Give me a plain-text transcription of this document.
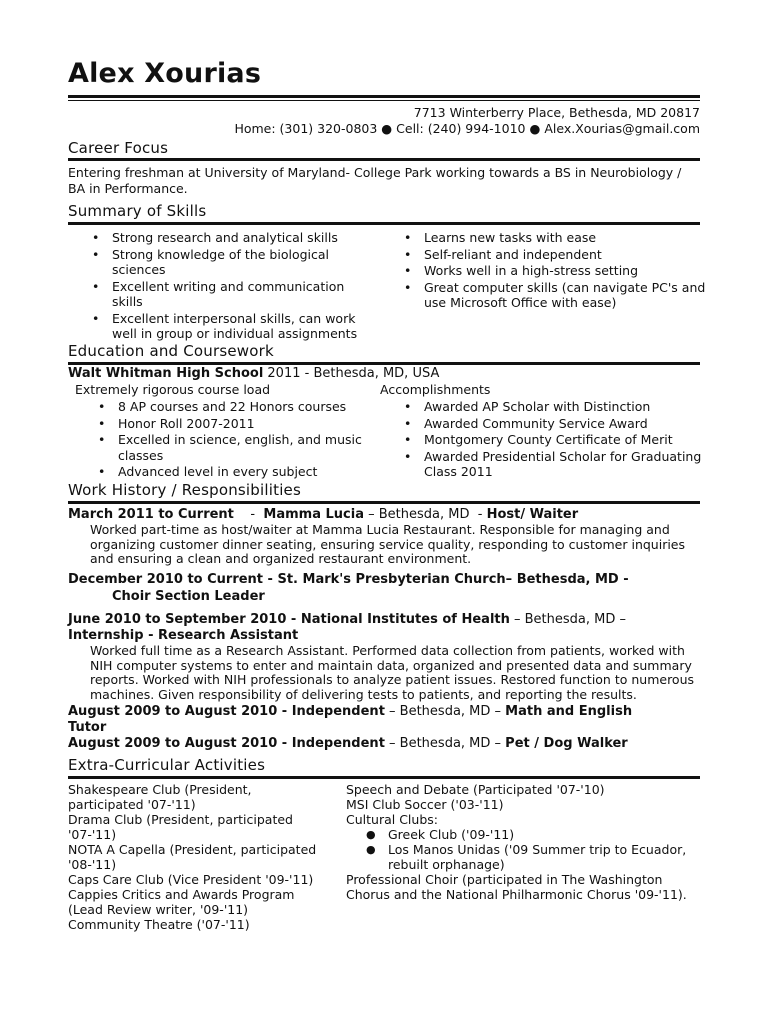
Alex Xourias
7713 Winterberry Place, Bethesda, MD 20817
Home: (301) 320-0803 ● Cell: (240) 994-1010 ● Alex.Xourias@gmail.com
Career Focus
Entering freshman at University of Maryland- College Park working towards a BS in Neurobiology / BA in Performance.
Summary of Skills
• Strong research and analytical skills
• Strong knowledge of the biological sciences
• Excellent writing and communication skills
• Excellent interpersonal skills, can work well in group or individual assignments
• Learns new tasks with ease
• Self-reliant and independent
• Works well in a high-stress setting
• Great computer skills (can navigate PC's and use Microsoft Office with ease)
Education and Coursework
Walt Whitman High School 2011 - Bethesda, MD, USA
Extremely rigorous course load
• 8 AP courses and 22 Honors courses
• Honor Roll 2007-2011
• Excelled in science, english, and music classes
• Advanced level in every subject
Accomplishments
• Awarded AP Scholar with Distinction
• Awarded Community Service Award
• Montgomery County Certificate of Merit
• Awarded Presidential Scholar for Graduating Class 2011
Work History / Responsibilities
March 2011 to Current    -  Mamma Lucia – Bethesda, MD  - Host/ Waiter
Worked part-time as host/waiter at Mamma Lucia Restaurant. Responsible for managing and organizing customer dinner seating, ensuring service quality, responding to customer inquiries and ensuring a clean and organized restaurant environment.
December 2010 to Current - St. Mark's Presbyterian Church– Bethesda, MD -
Choir Section Leader
June 2010 to September 2010 - National Institutes of Health – Bethesda, MD –
Internship - Research Assistant
Worked full time as a Research Assistant. Performed data collection from patients, worked with NIH computer systems to enter and maintain data, organized and presented data and summary reports. Worked with NIH professionals to analyze patient issues. Restored function to numerous machines. Given responsibility of delivering tests to patients, and reporting the results.
August 2009 to August 2010 - Independent – Bethesda, MD – Math and English
Tutor
August 2009 to August 2010 - Independent – Bethesda, MD – Pet / Dog Walker
Extra-Curricular Activities
Shakespeare Club (President, participated '07-'11)
Drama Club (President, participated '07-'11)
NOTA A Capella (President, participated '08-'11)
Caps Care Club (Vice President '09-'11)
Cappies Critics and Awards Program (Lead Review writer, '09-'11)
Community Theatre ('07-'11)
Speech and Debate (Participated '07-'10)
MSI Club Soccer ('03-'11)
Cultural Clubs:
● Greek Club ('09-'11)
● Los Manos Unidas ('09 Summer trip to Ecuador, rebuilt orphanage)
Professional Choir (participated in The Washington Chorus and the National Philharmonic Chorus '09-'11).
